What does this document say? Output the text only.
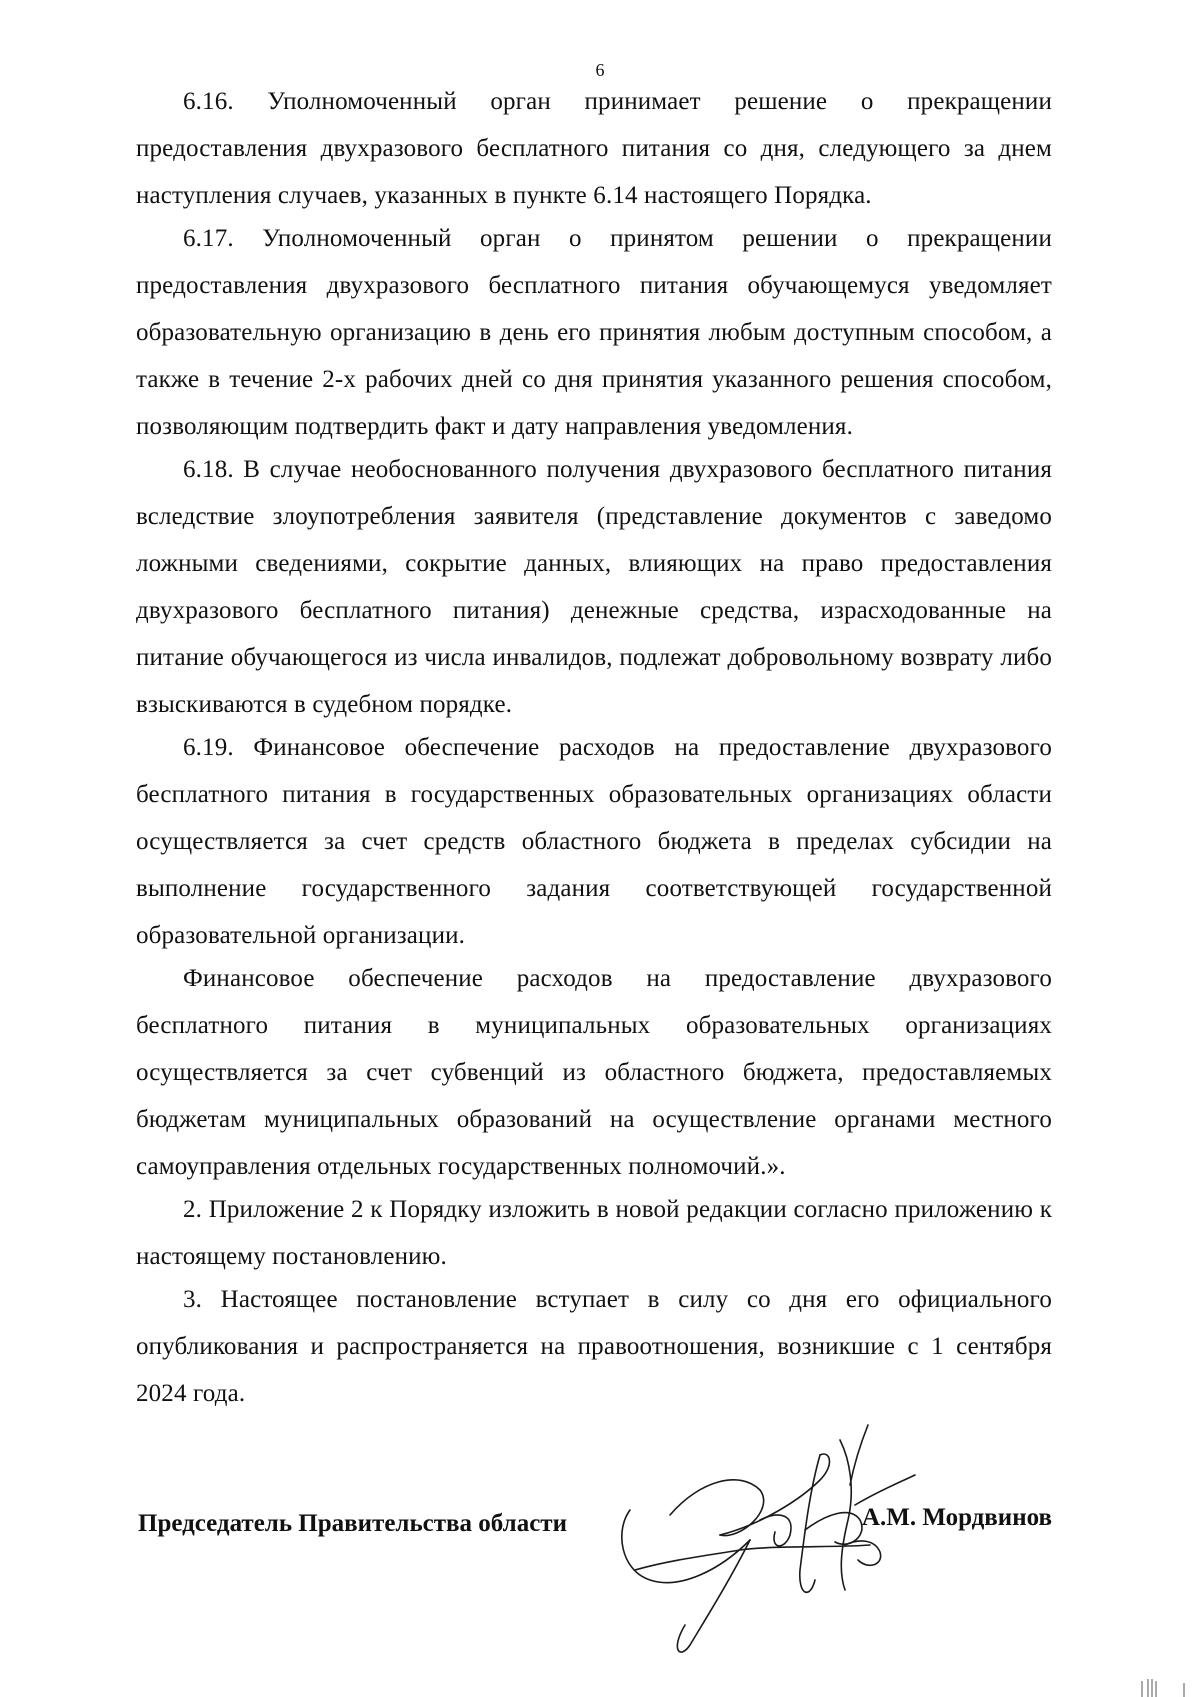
6

6.16. Уполномоченный орган принимает решение о прекращении предоставления двухразового бесплатного питания со дня, следующего за днем наступления случаев, указанных в пункте 6.14 настоящего Порядка.

6.17. Уполномоченный орган о принятом решении о прекращении предоставления двухразового бесплатного питания обучающемуся уведомляет образовательную организацию в день его принятия любым доступным способом, а также в течение 2-х рабочих дней со дня принятия указанного решения способом, позволяющим подтвердить факт и дату направления уведомления.

6.18. В случае необоснованного получения двухразового бесплатного питания вследствие злоупотребления заявителя (представление документов с заведомо ложными сведениями, сокрытие данных, влияющих на право предоставления двухразового бесплатного питания) денежные средства, израсходованные на питание обучающегося из числа инвалидов, подлежат добровольному возврату либо взыскиваются в судебном порядке.

6.19. Финансовое обеспечение расходов на предоставление двухразового бесплатного питания в государственных образовательных организациях области осуществляется за счет средств областного бюджета в пределах субсидии на выполнение государственного задания соответствующей государственной образовательной организации.

Финансовое обеспечение расходов на предоставление двухразового бесплатного питания в муниципальных образовательных организациях осуществляется за счет субвенций из областного бюджета, предоставляемых бюджетам муниципальных образований на осуществление органами местного самоуправления отдельных государственных полномочий.».

2. Приложение 2 к Порядку изложить в новой редакции согласно приложению к настоящему постановлению.

3. Настоящее постановление вступает в силу со дня его официального опубликования и распространяется на правоотношения, возникшие с 1 сентября 2024 года.

Председатель Правительства области	А.М. Мордвинов
